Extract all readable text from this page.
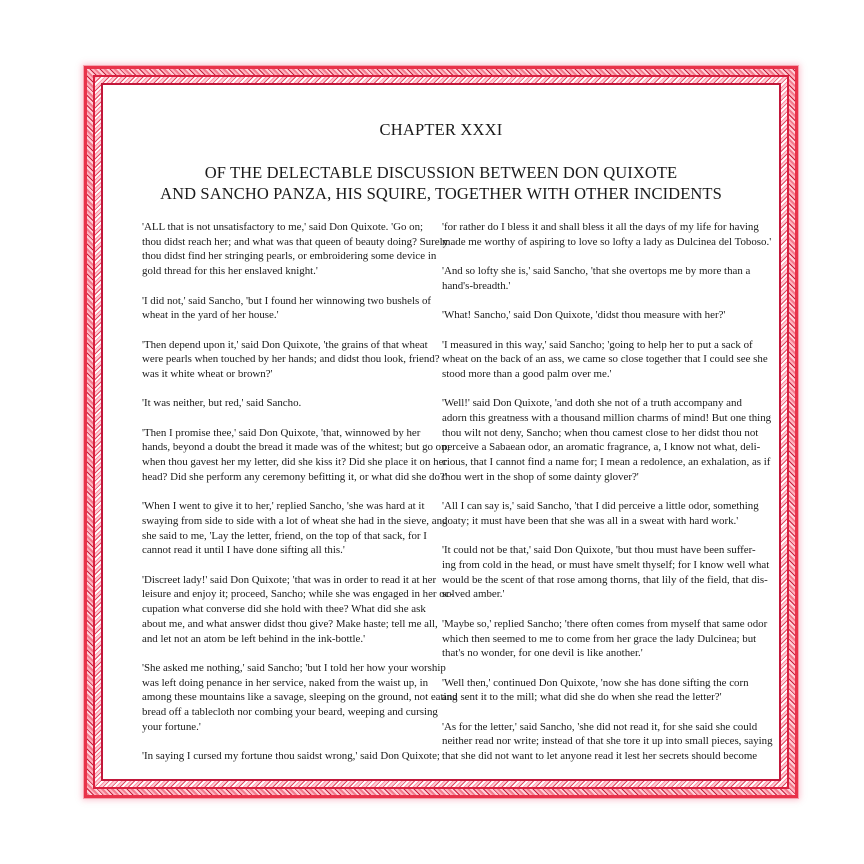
CHAPTER XXXI
OF THE DELECTABLE DISCUSSION BETWEEN DON QUIXOTE
AND SANCHO PANZA, HIS SQUIRE, TOGETHER WITH OTHER INCIDENTS
'ALL that is not unsatisfactory to me,' said Don Quixote. 'Go on;
thou didst reach her; and what was that queen of beauty doing? Surely
thou didst find her stringing pearls, or embroidering some device in
gold thread for this her enslaved knight.'
'I did not,' said Sancho, 'but I found her winnowing two bushels of
wheat in the yard of her house.'
'Then depend upon it,' said Don Quixote, 'the grains of that wheat
were pearls when touched by her hands; and didst thou look, friend?
was it white wheat or brown?'
'It was neither, but red,' said Sancho.
'Then I promise thee,' said Don Quixote, 'that, winnowed by her
hands, beyond a doubt the bread it made was of the whitest; but go on;
when thou gavest her my letter, did she kiss it? Did she place it on her
head? Did she perform any ceremony befitting it, or what did she do?'
'When I went to give it to her,' replied Sancho, 'she was hard at it
swaying from side to side with a lot of wheat she had in the sieve, and
she said to me, 'Lay the letter, friend, on the top of that sack, for I
cannot read it until I have done sifting all this.'
'Discreet lady!' said Don Quixote; 'that was in order to read it at her
leisure and enjoy it; proceed, Sancho; while she was engaged in her oc-
cupation what converse did she hold with thee? What did she ask
about me, and what answer didst thou give? Make haste; tell me all,
and let not an atom be left behind in the ink-bottle.'
'She asked me nothing,' said Sancho; 'but I told her how your worship
was left doing penance in her service, naked from the waist up, in
among these mountains like a savage, sleeping on the ground, not eating
bread off a tablecloth nor combing your beard, weeping and cursing
your fortune.'
'In saying I cursed my fortune thou saidst wrong,' said Don Quixote;
'for rather do I bless it and shall bless it all the days of my life for having
made me worthy of aspiring to love so lofty a lady as Dulcinea del Toboso.'
'And so lofty she is,' said Sancho, 'that she overtops me by more than a
hand's-breadth.'
'What! Sancho,' said Don Quixote, 'didst thou measure with her?'
'I measured in this way,' said Sancho; 'going to help her to put a sack of
wheat on the back of an ass, we came so close together that I could see she
stood more than a good palm over me.'
'Well!' said Don Quixote, 'and doth she not of a truth accompany and
adorn this greatness with a thousand million charms of mind! But one thing
thou wilt not deny, Sancho; when thou camest close to her didst thou not
perceive a Sabaean odor, an aromatic fragrance, a, I know not what, deli-
cious, that I cannot find a name for; I mean a redolence, an exhalation, as if
thou wert in the shop of some dainty glover?'
'All I can say is,' said Sancho, 'that I did perceive a little odor, something
goaty; it must have been that she was all in a sweat with hard work.'
'It could not be that,' said Don Quixote, 'but thou must have been suffer-
ing from cold in the head, or must have smelt thyself; for I know well what
would be the scent of that rose among thorns, that lily of the field, that dis-
solved amber.'
'Maybe so,' replied Sancho; 'there often comes from myself that same odor
which then seemed to me to come from her grace the lady Dulcinea; but
that's no wonder, for one devil is like another.'
'Well then,' continued Don Quixote, 'now she has done sifting the corn
and sent it to the mill; what did she do when she read the letter?'
'As for the letter,' said Sancho, 'she did not read it, for she said she could
neither read nor write; instead of that she tore it up into small pieces, saying
that she did not want to let anyone read it lest her secrets should become
